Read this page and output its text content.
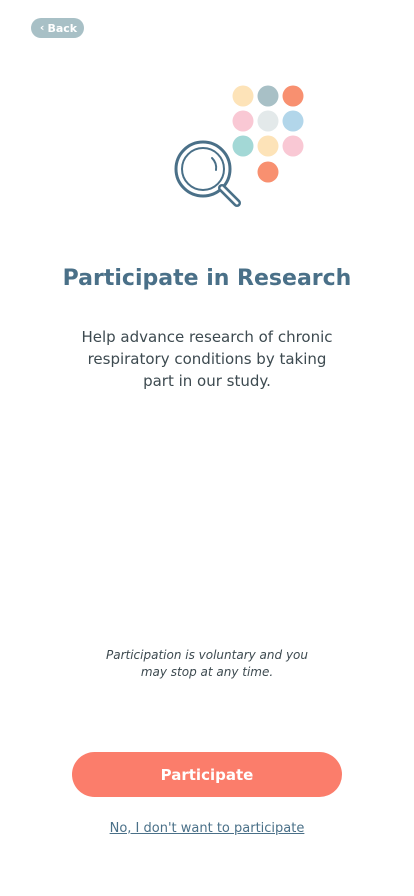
‹ Back
Participate in Research

Help advance research of chronic respiratory conditions by taking part in our study.

Participation is voluntary and you may stop at any time.

Participate
No, I don't want to participate
